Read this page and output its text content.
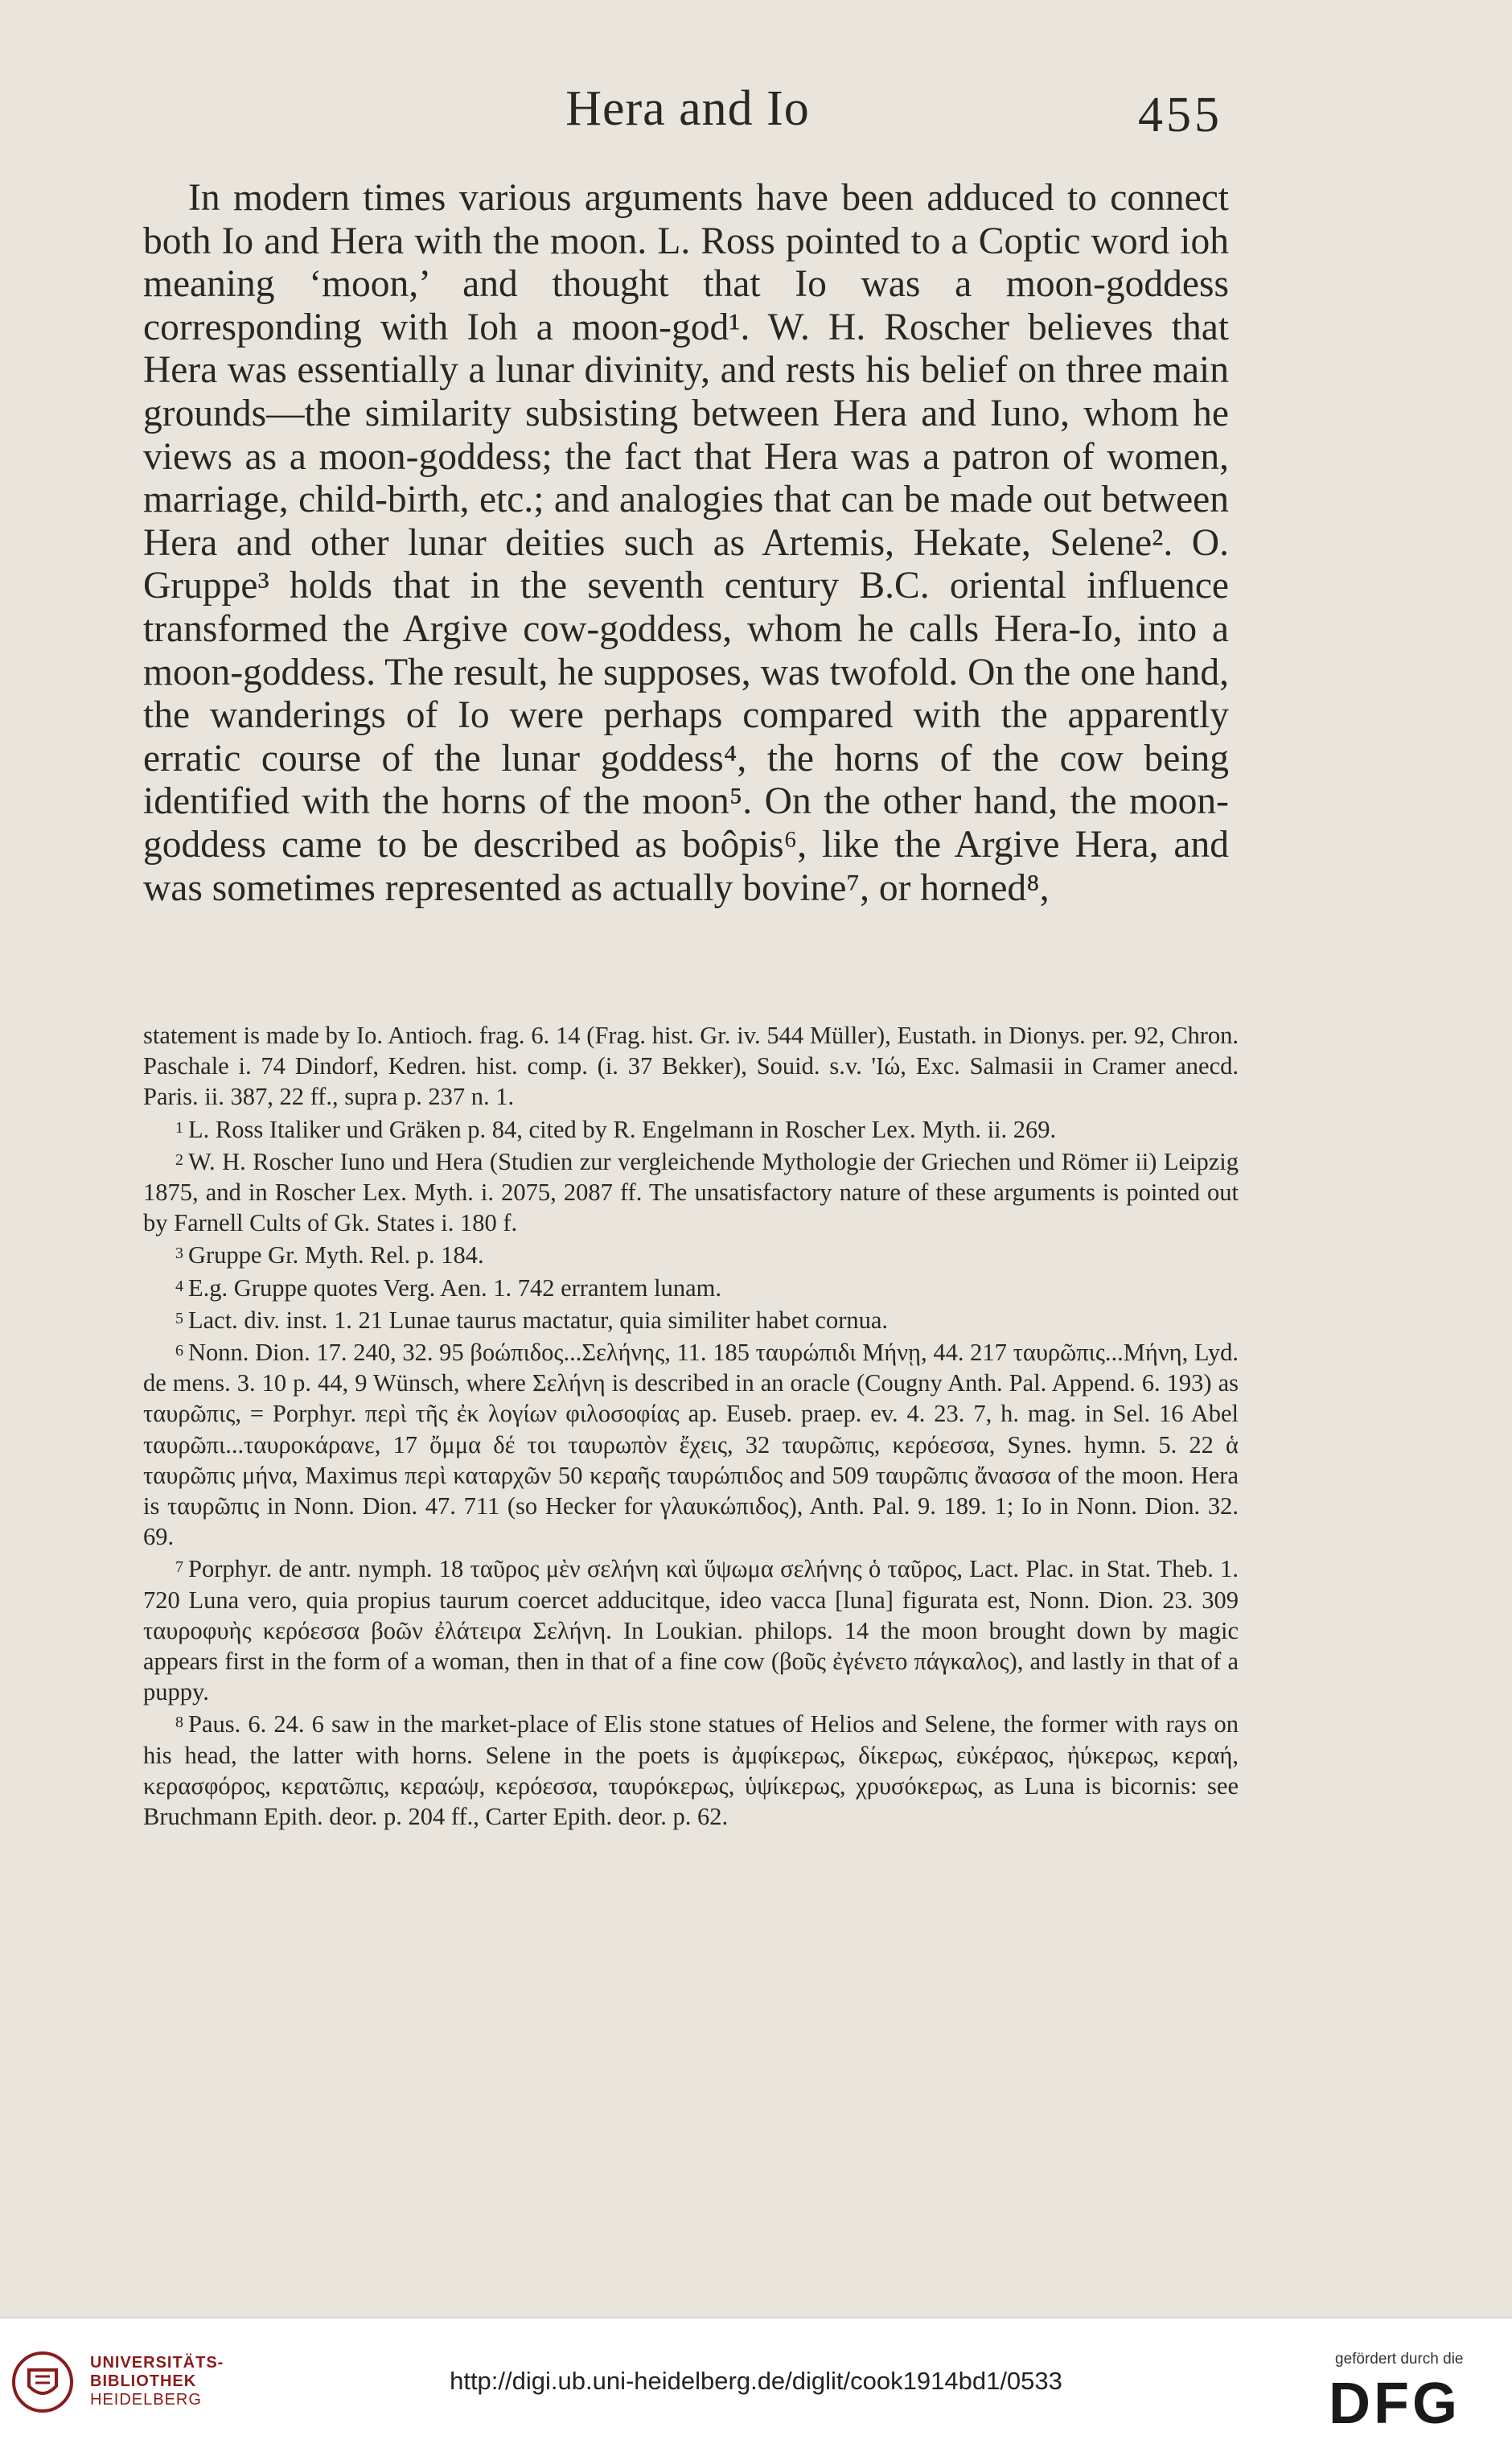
Hera and Io	455

In modern times various arguments have been adduced to connect both Io and Hera with the moon. L. Ross pointed to a Coptic word ioh meaning ‘moon,’ and thought that Io was a moon-goddess corresponding with Ioh a moon-god¹. W. H. Roscher believes that Hera was essentially a lunar divinity, and rests his belief on three main grounds—the similarity subsisting between Hera and Iuno, whom he views as a moon-goddess; the fact that Hera was a patron of women, marriage, child-birth, etc.; and analogies that can be made out between Hera and other lunar deities such as Artemis, Hekate, Selene². O. Gruppe³ holds that in the seventh century B.C. oriental influence transformed the Argive cow-goddess, whom he calls Hera-Io, into a moon-goddess. The result, he supposes, was twofold. On the one hand, the wanderings of Io were perhaps compared with the apparently erratic course of the lunar goddess⁴, the horns of the cow being identified with the horns of the moon⁵. On the other hand, the moon-goddess came to be described as boôpis⁶, like the Argive Hera, and was sometimes represented as actually bovine⁷, or horned⁸,

statement is made by Io. Antioch. frag. 6. 14 (Frag. hist. Gr. iv. 544 Müller), Eustath. in Dionys. per. 92, Chron. Paschale i. 74 Dindorf, Kedren. hist. comp. (i. 37 Bekker), Souid. s.v. 'Ιώ, Exc. Salmasii in Cramer anecd. Paris. ii. 387, 22 ff., supra p. 237 n. 1.

1 L. Ross Italiker und Gräken p. 84, cited by R. Engelmann in Roscher Lex. Myth. ii. 269.

2 W. H. Roscher Iuno und Hera (Studien zur vergleichende Mythologie der Griechen und Römer ii) Leipzig 1875, and in Roscher Lex. Myth. i. 2075, 2087 ff. The unsatisfactory nature of these arguments is pointed out by Farnell Cults of Gk. States i. 180 f.

3 Gruppe Gr. Myth. Rel. p. 184.

4 E.g. Gruppe quotes Verg. Aen. 1. 742 errantem lunam.

5 Lact. div. inst. 1. 21 Lunae taurus mactatur, quia similiter habet cornua.

6 Nonn. Dion. 17. 240, 32. 95 βοώπιδος...Σελήνης, 11. 185 ταυρώπιδι Μήνῃ, 44. 217 ταυρῶπις...Μήνη, Lyd. de mens. 3. 10 p. 44, 9 Wünsch, where Σελήνη is described in an oracle (Cougny Anth. Pal. Append. 6. 193) as ταυρῶπις, = Porphyr. περὶ τῆς ἐκ λογίων φιλοσοφίας ap. Euseb. praep. ev. 4. 23. 7, h. mag. in Sel. 16 Abel ταυρῶπι...ταυροκάρανε, 17 ὄμμα δέ τοι ταυρωπὸν ἔχεις, 32 ταυρῶπις, κερόεσσα, Synes. hymn. 5. 22 ἁ ταυρῶπις μήνα, Maximus περὶ καταρχῶν 50 κεραῆς ταυρώπιδος and 509 ταυρῶπις ἄνασσα of the moon. Hera is ταυρῶπις in Nonn. Dion. 47. 711 (so Hecker for γλαυκώπιδος), Anth. Pal. 9. 189. 1; Io in Nonn. Dion. 32. 69.

7 Porphyr. de antr. nymph. 18 ταῦρος μὲν σελήνη καὶ ὕψωμα σελήνης ὁ ταῦρος, Lact. Plac. in Stat. Theb. 1. 720 Luna vero, quia propius taurum coercet adducitque, ideo vacca [luna] figurata est, Nonn. Dion. 23. 309 ταυροφυὴς κερόεσσα βοῶν ἐλάτειρα Σελήνη. In Loukian. philops. 14 the moon brought down by magic appears first in the form of a woman, then in that of a fine cow (βοῦς ἐγένετο πάγκαλος), and lastly in that of a puppy.

8 Paus. 6. 24. 6 saw in the market-place of Elis stone statues of Helios and Selene, the former with rays on his head, the latter with horns. Selene in the poets is ἀμφίκερως, δίκερως, εὐκέραος, ἠύκερως, κεραή, κερασφόρος, κερατῶπις, κεραώψ, κερόεσσα, ταυρόκερως, ὑψίκερως, χρυσόκερως, as Luna is bicornis: see Bruchmann Epith. deor. p. 204 ff., Carter Epith. deor. p. 62.

UNIVERSITÄTS-
BIBLIOTHEK
HEIDELBERG
http://digi.ub.uni-heidelberg.de/diglit/cook1914bd1/0533
gefördert durch die
DFG
